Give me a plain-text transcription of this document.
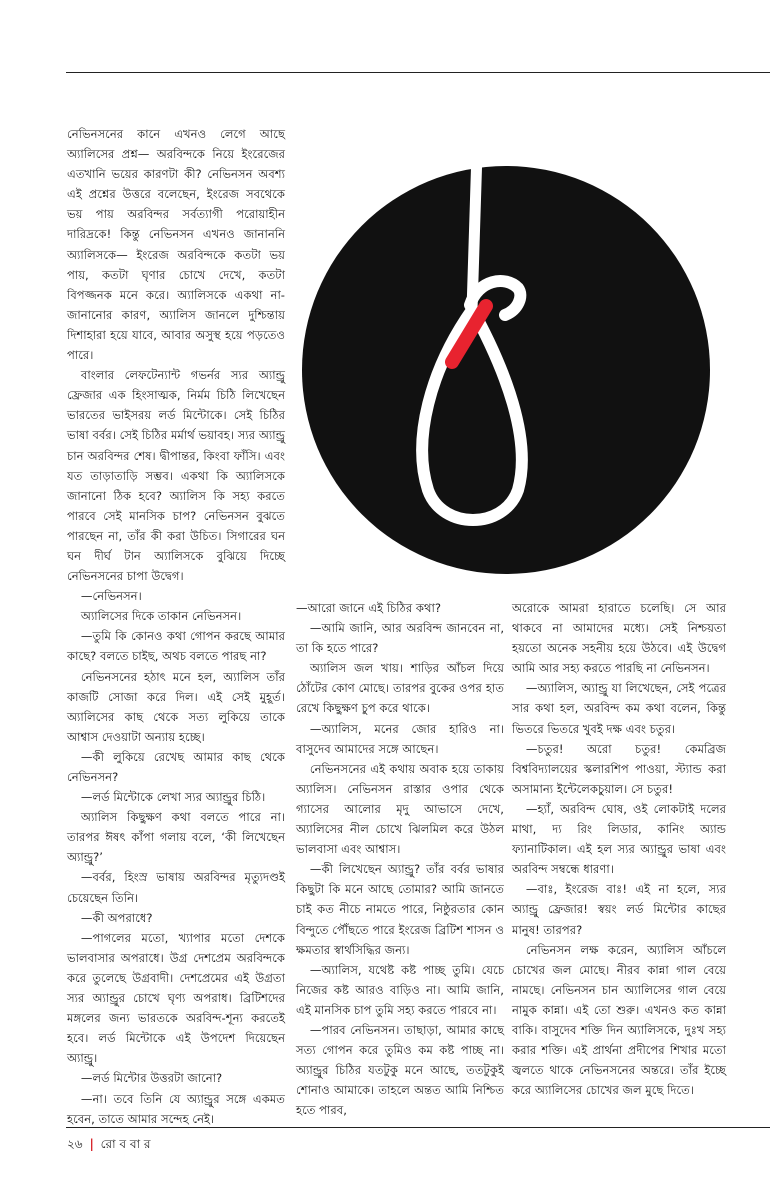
নেভিনসনের কানে এখনও লেগে আছে অ্যালিসের প্রশ্ন— অরবিন্দকে নিয়ে ইংরেজের এতখানি ভয়ের কারণটা কী? নেভিনসন অবশ্য এই প্রশ্নের উত্তরে বলেছেন, ইংরেজ সবথেকে ভয় পায় অরবিন্দর সর্বত্যাগী পরোয়াহীন দারিদ্রকে! কিন্তু নেভিনসন এখনও জানাননি অ্যালিসকে— ইংরেজ অরবিন্দকে কতটা ভয় পায়, কতটা ঘৃণার চোখে দেখে, কতটা বিপজ্জনক মনে করে। অ্যালিসকে একথা না-জানানোর কারণ, অ্যালিস জানলে দুশ্চিন্তায় দিশাহারা হয়ে যাবে, আবার অসুস্থ হয়ে পড়তেও পারে।

বাংলার লেফটেন্যান্ট গভর্নর স্যর অ্যান্ড্রু ফ্রেজার এক হিংসাত্মক, নির্মম চিঠি লিখেছেন ভারতের ভাইসরয় লর্ড মিন্টোকে। সেই চিঠির ভাষা বর্বর। সেই চিঠির মর্মার্থ ভয়াবহ। স্যর অ্যান্ড্রু চান অরবিন্দর শেষ। দ্বীপান্তর, কিংবা ফাঁসি। এবং যত তাড়াতাড়ি সম্ভব। একথা কি অ্যালিসকে জানানো ঠিক হবে? অ্যালিস কি সহ্য করতে পারবে সেই মানসিক চাপ? নেভিনসন বুঝতে পারছেন না, তাঁর কী করা উচিত। সিগারের ঘন ঘন দীর্ঘ টান অ্যালিসকে বুঝিয়ে দিচ্ছে নেভিনসনের চাপা উদ্বেগ।

—নেভিনসন।

অ্যালিসের দিকে তাকান নেভিনসন।

—তুমি কি কোনও কথা গোপন করছে আমার কাছে? বলতে চাইছ, অথচ বলতে পারছ না?

নেভিনসনের হঠাৎ মনে হল, অ্যালিস তাঁর কাজটি সোজা করে দিল। এই সেই মুহূর্ত। অ্যালিসের কাছ থেকে সত্য লুকিয়ে তাকে আশ্বাস দেওয়াটা অন্যায় হচ্ছে।

—কী লুকিয়ে রেখেছ আমার কাছ থেকে নেভিনসন?

—লর্ড মিন্টোকে লেখা স্যর অ্যান্ড্রুর চিঠি।

অ্যালিস কিছুক্ষণ কথা বলতে পারে না। তারপর ঈষৎ কাঁপা গলায় বলে, ‘কী লিখেছেন অ্যান্ড্রু?’

—বর্বর, হিংস্র ভাষায় অরবিন্দর মৃত্যুদণ্ডই চেয়েছেন তিনি।

—কী অপরাধে?

—পাগলের মতো, খ্যাপার মতো দেশকে ভালবাসার অপরাধে। উগ্র দেশপ্রেম অরবিন্দকে করে তুলেছে উগ্রবাদী। দেশপ্রেমের এই উগ্রতা স্যর অ্যান্ড্রুর চোখে ঘৃণ্য অপরাধ। ব্রিটিশদের মঙ্গলের জন্য ভারতকে অরবিন্দ-শূন্য করতেই হবে। লর্ড মিন্টোকে এই উপদেশ দিয়েছেন অ্যান্ড্রু।

—লর্ড মিন্টোর উত্তরটা জানো?

—না। তবে তিনি যে অ্যান্ড্রুর সঙ্গে একমত হবেন, তাতে আমার সন্দেহ নেই।

—আরো জানে এই চিঠির কথা?

—আমি জানি, আর অরবিন্দ জানবেন না, তা কি হতে পারে?

অ্যালিস জল খায়। শাড়ির আঁচল দিয়ে ঠোঁটের কোণ মোছে। তারপর বুকের ওপর হাত রেখে কিছুক্ষণ চুপ করে থাকে।

—অ্যালিস, মনের জোর হারিও না। বাসুদেব আমাদের সঙ্গে আছেন।

নেভিনসনের এই কথায় অবাক হয়ে তাকায় অ্যালিস। নেভিনসন রাস্তার ওপার থেকে গ্যাসের আলোর মৃদু আভাসে দেখে, অ্যালিসের নীল চোখে ঝিলমিল করে উঠল ভালবাসা এবং আশ্বাস।

—কী লিখেছেন অ্যান্ড্রু? তাঁর বর্বর ভাষার কিছুটা কি মনে আছে তোমার? আমি জানতে চাই কত নীচে নামতে পারে, নিষ্ঠুরতার কোন বিন্দুতে পৌঁছতে পারে ইংরেজ ব্রিটিশ শাসন ও ক্ষমতার স্বার্থসিদ্ধির জন্য।

—অ্যালিস, যথেষ্ট কষ্ট পাচ্ছ তুমি। যেচে নিজের কষ্ট আরও বাড়িও না। আমি জানি, এই মানসিক চাপ তুমি সহ্য করতে পারবে না।

—পারব নেভিনসন। তাছাড়া, আমার কাছে সত্য গোপন করে তুমিও কম কষ্ট পাচ্ছ না। অ্যান্ড্রুর চিঠির যতটুকু মনে আছে, ততটুকুই শোনাও আমাকে। তাহলে অন্তত আমি নিশ্চিত হতে পারব,

অরোকে আমরা হারাতে চলেছি। সে আর থাকবে না আমাদের মধ্যে। সেই নিশ্চয়তা হয়তো অনেক সহনীয় হয়ে উঠবে। এই উদ্বেগ আমি আর সহ্য করতে পারছি না নেভিনসন।

—অ্যালিস, অ্যান্ড্রু যা লিখেছেন, সেই পত্রের সার কথা হল, অরবিন্দ কম কথা বলেন, কিন্তু ভিতরে ভিতরে খুবই দক্ষ এবং চতুর।

—চতুর! অরো চতুর! কেমব্রিজ বিশ্ববিদ্যালয়ের স্কলারশিপ পাওয়া, স্ট্যান্ড করা অসামান্য ইন্টেলেকচুয়াল। সে চতুর!

—হ্যাঁ, অরবিন্দ ঘোষ, ওই লোকটাই দলের মাথা, দ্য রিং লিডার, কানিং অ্যান্ড ফ্যানাটিকাল। এই হল স্যর অ্যান্ড্রুর ভাষা এবং অরবিন্দ সম্বন্ধে ধারণা।

—বাঃ, ইংরেজ বাঃ! এই না হলে, স্যর অ্যান্ড্রু ফ্রেজার! স্বয়ং লর্ড মিন্টোর কাছের মানুষ! তারপর?

নেভিনসন লক্ষ করেন, অ্যালিস আঁচলে চোখের জল মোছে। নীরব কান্না গাল বেয়ে নামছে। নেভিনসন চান অ্যালিসের গাল বেয়ে নামুক কান্না। এই তো শুরু। এখনও কত কান্না বাকি। বাসুদেব শক্তি দিন অ্যালিসকে, দুঃখ সহ্য করার শক্তি। এই প্রার্থনা প্রদীপের শিখার মতো জ্বলতে থাকে নেভিনসনের অন্তরে। তাঁর ইচ্ছে করে অ্যালিসের চোখের জল মুছে দিতে।

২৬ | রো ব বা র
